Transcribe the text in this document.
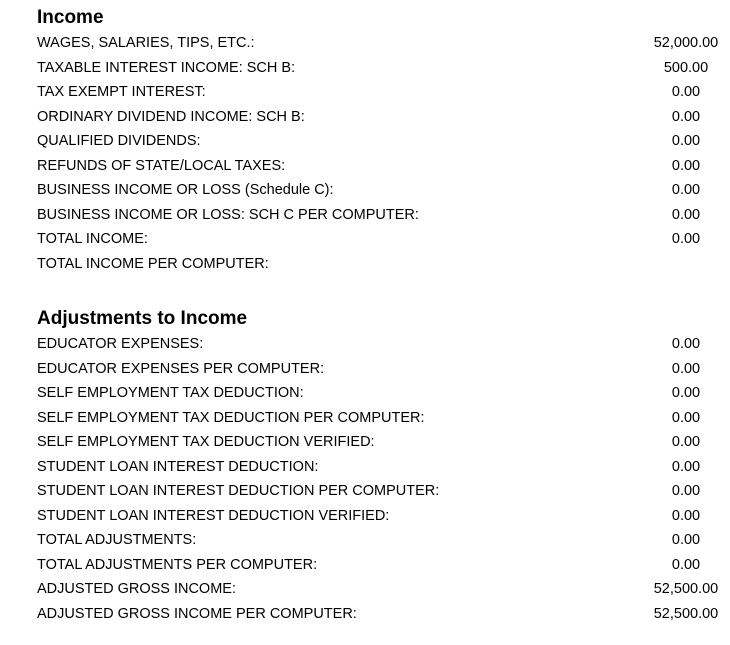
Income
WAGES, SALARIES, TIPS, ETC.:	52,000.00
TAXABLE INTEREST INCOME: SCH B:	500.00
TAX EXEMPT INTEREST:	0.00
ORDINARY DIVIDEND INCOME: SCH B:	0.00
QUALIFIED DIVIDENDS:	0.00
REFUNDS OF STATE/LOCAL TAXES:	0.00
BUSINESS INCOME OR LOSS (Schedule C):	0.00
BUSINESS INCOME OR LOSS: SCH C PER COMPUTER:	0.00
TOTAL INCOME:	0.00
TOTAL INCOME PER COMPUTER:
Adjustments to Income
EDUCATOR EXPENSES:	0.00
EDUCATOR EXPENSES PER COMPUTER:	0.00
SELF EMPLOYMENT TAX DEDUCTION:	0.00
SELF EMPLOYMENT TAX DEDUCTION PER COMPUTER:	0.00
SELF EMPLOYMENT TAX DEDUCTION VERIFIED:	0.00
STUDENT LOAN INTEREST DEDUCTION:	0.00
STUDENT LOAN INTEREST DEDUCTION PER COMPUTER:	0.00
STUDENT LOAN INTEREST DEDUCTION VERIFIED:	0.00
TOTAL ADJUSTMENTS:	0.00
TOTAL ADJUSTMENTS PER COMPUTER:	0.00
ADJUSTED GROSS INCOME:	52,500.00
ADJUSTED GROSS INCOME PER COMPUTER:	52,500.00
